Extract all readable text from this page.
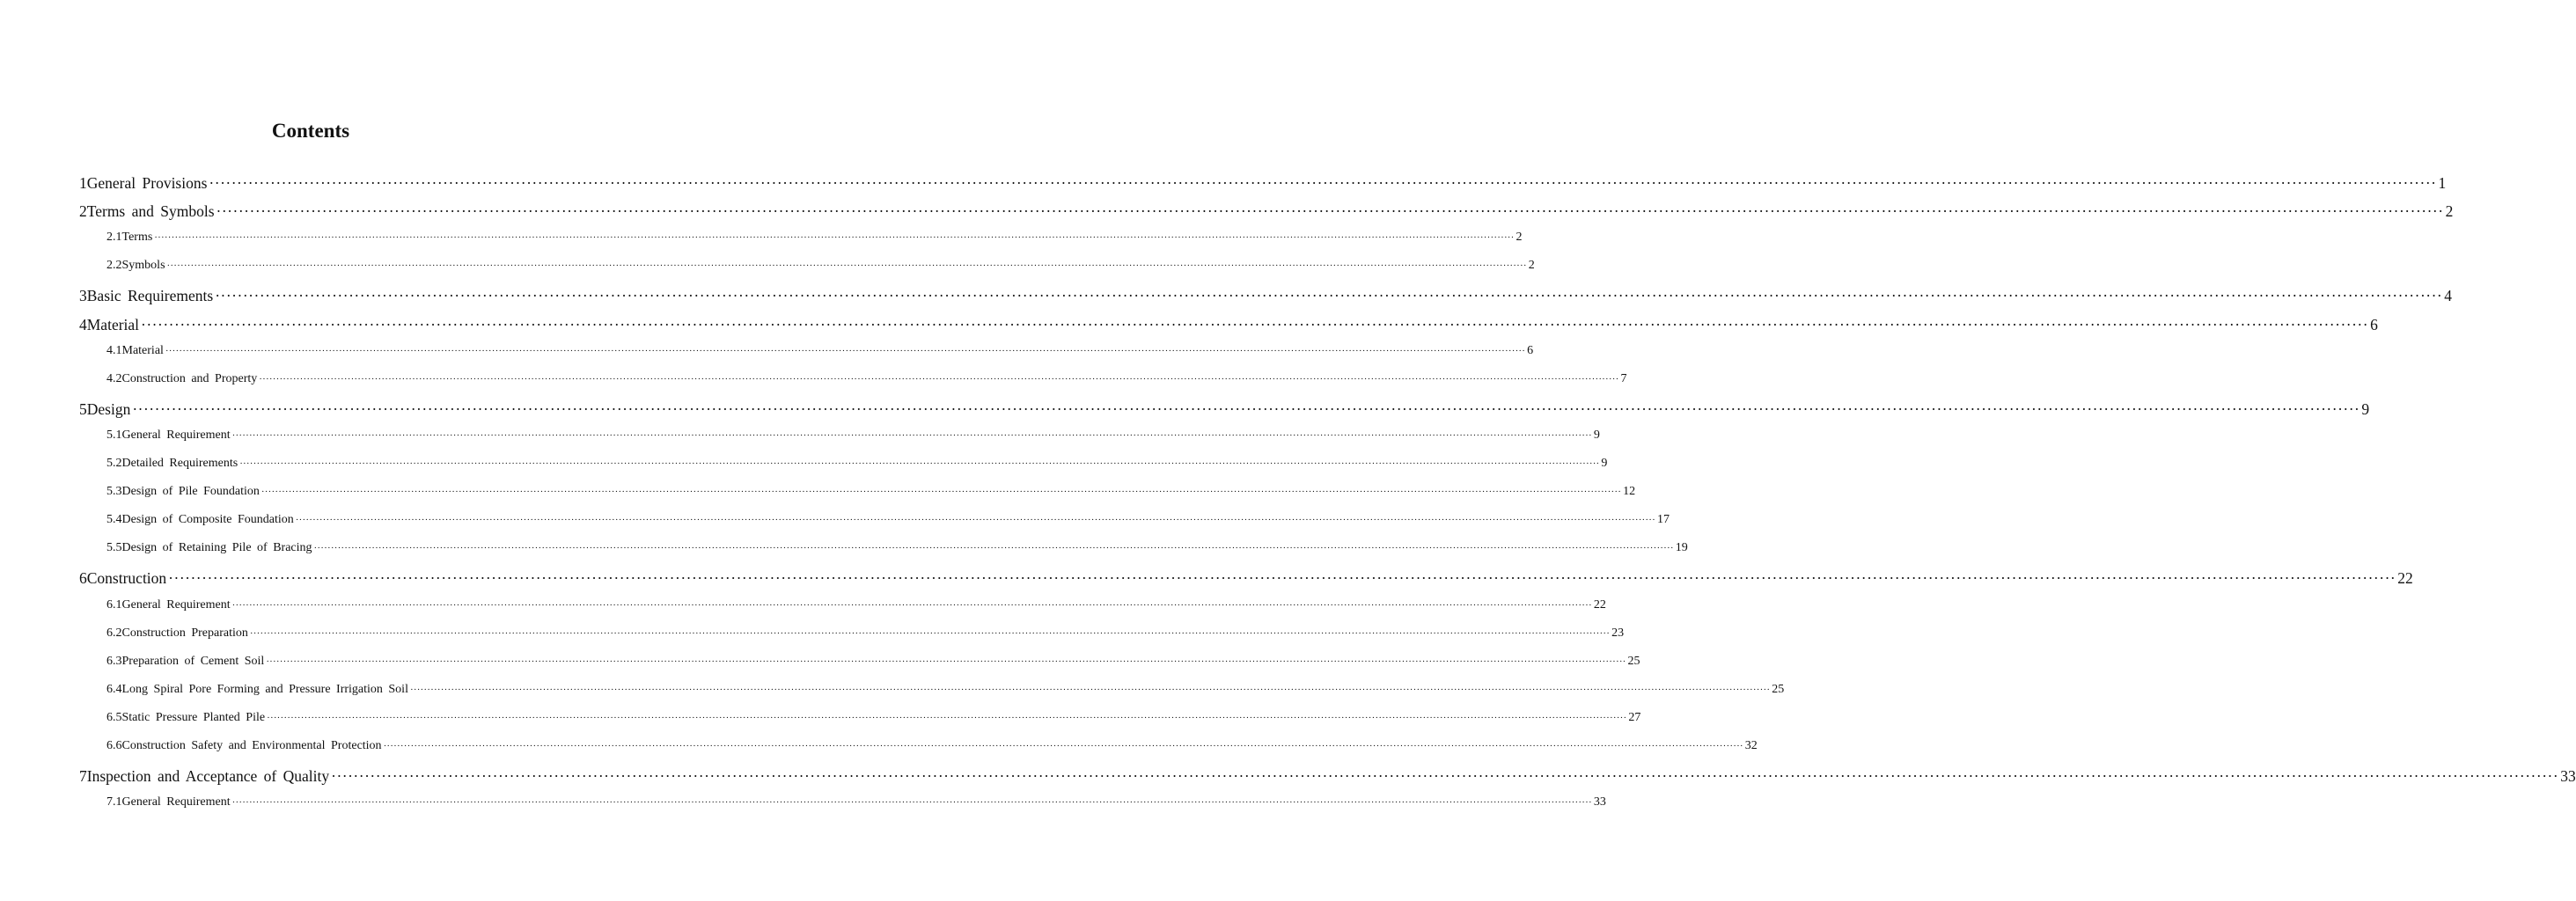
Contents
1 General Provisions ················································································································································································································································································································································································································ 1
2 Terms and Symbols ················································································································································································································································································································································································································ 2
2.1 Terms ················································································································································································································································································································································································································ 2
2.2 Symbols ················································································································································································································································································································································································································ 2
3 Basic Requirements ················································································································································································································································································································································································································ 4
4 Material ················································································································································································································································································································································································································ 6
4.1 Material ················································································································································································································································································································································································································ 6
4.2 Construction and Property ················································································································································································································································································································································································································ 7
5 Design ················································································································································································································································································································································································································ 9
5.1 General Requirement ················································································································································································································································································································································································································ 9
5.2 Detailed Requirements ················································································································································································································································································································································································································ 9
5.3 Design of Pile Foundation ················································································································································································································································································································································································································ 12
5.4 Design of Composite Foundation ················································································································································································································································································································································································································ 17
5.5 Design of Retaining Pile of Bracing ················································································································································································································································································································································································································ 19
6 Construction ················································································································································································································································································································································································································ 22
6.1 General Requirement ················································································································································································································································································································································································································ 22
6.2 Construction Preparation ················································································································································································································································································································································································································ 23
6.3 Preparation of Cement Soil ················································································································································································································································································································································································································ 25
6.4 Long Spiral Pore Forming and Pressure Irrigation Soil ················································································································································································································································································································································································································ 25
6.5 Static Pressure Planted Pile ················································································································································································································································································································································································································ 27
6.6 Construction Safety and Environmental Protection ················································································································································································································································································································································································································ 32
7 Inspection and Acceptance of Quality ················································································································································································································································································································································································································ 33
7.1 General Requirement ················································································································································································································································································································································································································ 33
